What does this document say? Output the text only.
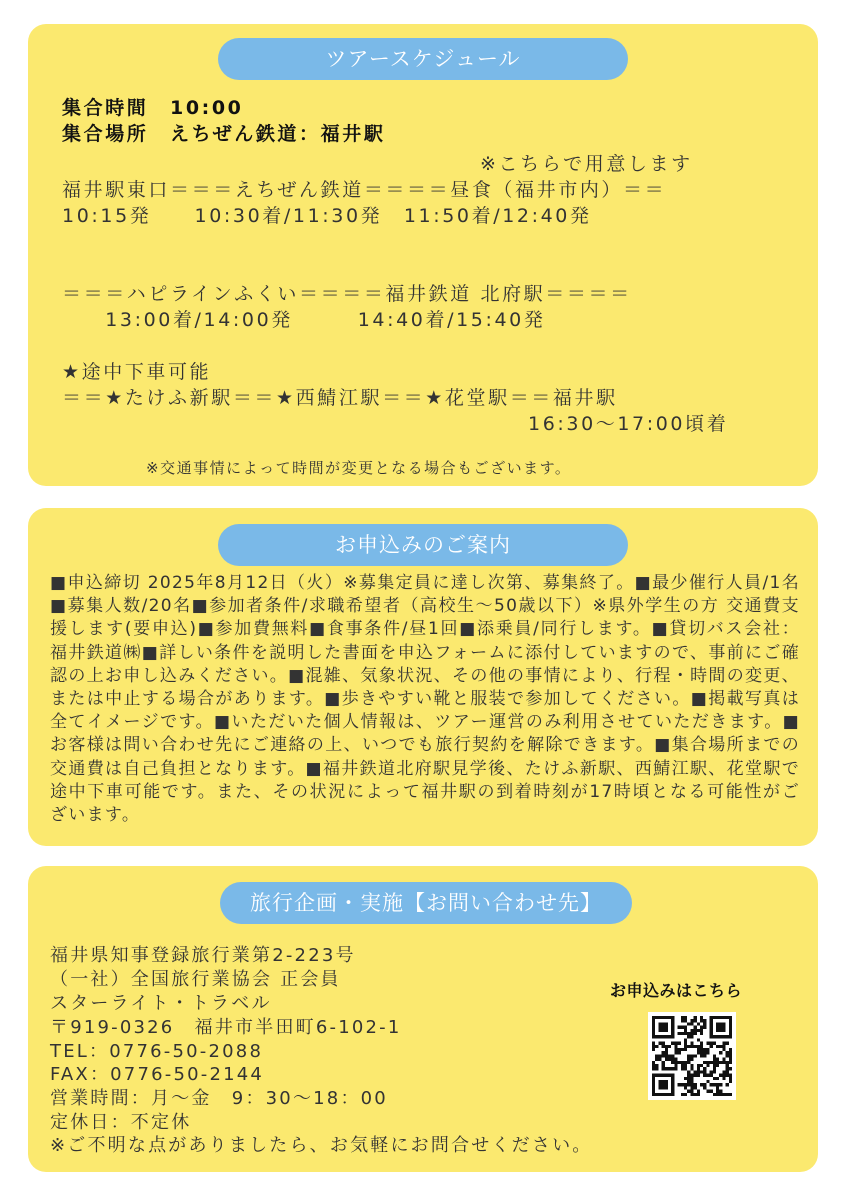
ツアースケジュール
集合時間　10:00
集合場所　えちぜん鉄道：福井駅
※こちらで用意します
福井駅東口＝＝＝えちぜん鉄道＝＝＝＝昼食（福井市内）＝＝
10:15発　　10:30着/11:30発　11:50着/12:40発
＝＝＝ハピラインふくい＝＝＝＝福井鉄道 北府駅＝＝＝＝
　　13:00着/14:00発　　　14:40着/15:40発
★途中下車可能
＝＝★たけふ新駅＝＝★西鯖江駅＝＝★花堂駅＝＝福井駅
16:30〜17:00頃着
※交通事情によって時間が変更となる場合もございます。
お申込みのご案内
■申込締切 2025年8月12日（火）※募集定員に達し次第、募集終了。■最少催行人員/1名■募集人数/20名■参加者条件/求職希望者（高校生〜50歳以下）※県外学生の方 交通費支援します(要申込)■参加費無料■食事条件/昼1回■添乗員/同行します。■貸切バス会社：福井鉄道㈱■詳しい条件を説明した書面を申込フォームに添付していますので、事前にご確認の上お申し込みください。■混雑、気象状況、その他の事情により、行程・時間の変更、または中止する場合があります。■歩きやすい靴と服装で参加してください。■掲載写真は全てイメージです。■いただいた個人情報は、ツアー運営のみ利用させていただきます。■お客様は問い合わせ先にご連絡の上、いつでも旅行契約を解除できます。■集合場所までの交通費は自己負担となります。■福井鉄道北府駅見学後、たけふ新駅、西鯖江駅、花堂駅で途中下車可能です。また、その状況によって福井駅の到着時刻が17時頃となる可能性がございます。
旅行企画・実施【お問い合わせ先】
福井県知事登録旅行業第2-223号
（一社）全国旅行業協会 正会員
スターライト・トラベル
〒919-0326　福井市半田町6-102-1
TEL：0776-50-2088
FAX：0776-50-2144
営業時間：月〜金　9：30〜18：00
定休日：不定休
※ご不明な点がありましたら、お気軽にお問合せください。
お申込みはこちら
